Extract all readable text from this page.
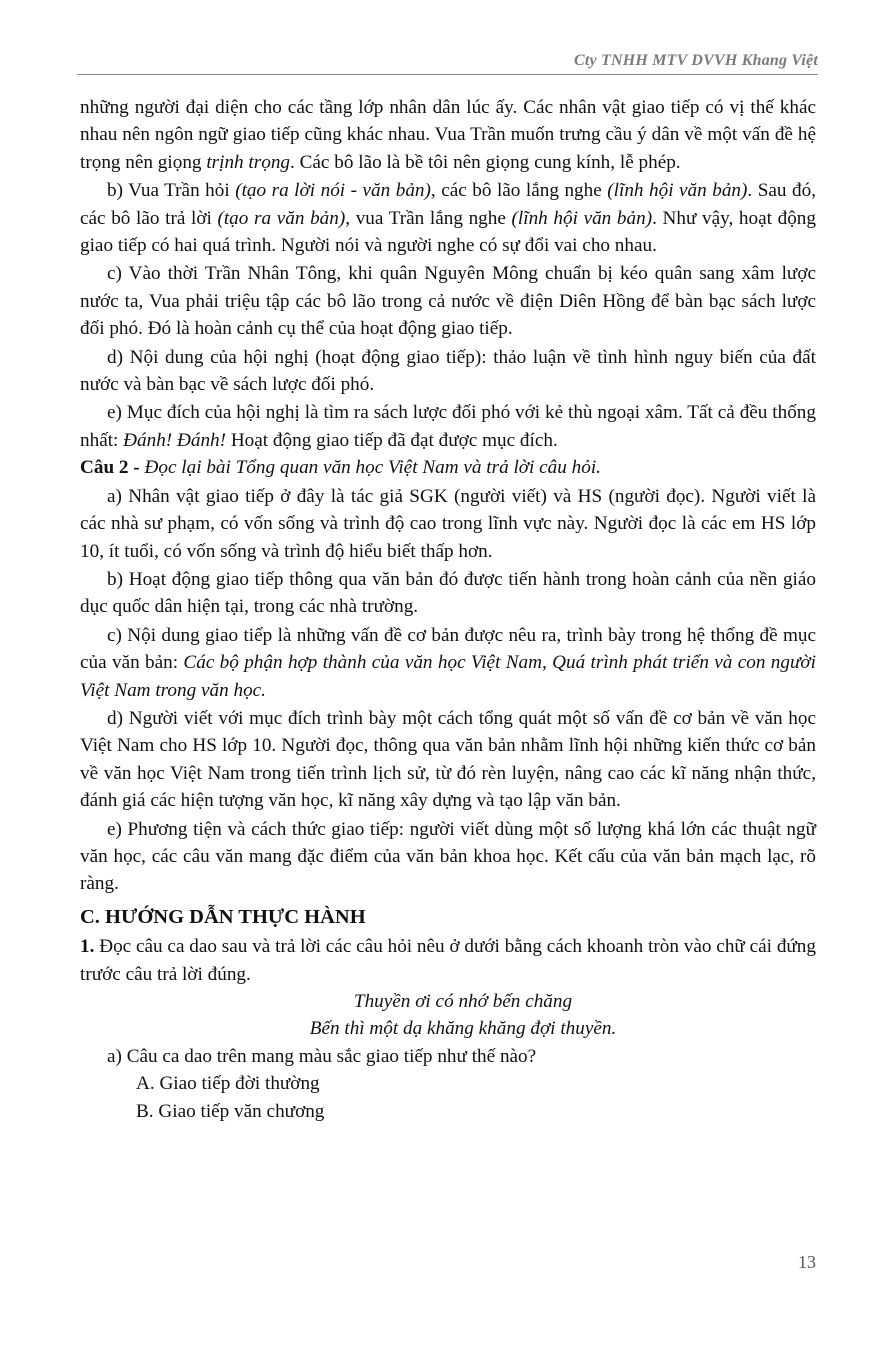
Cty TNHH MTV DVVH Khang Việt

những người đại diện cho các tầng lớp nhân dân lúc ấy. Các nhân vật giao tiếp có vị thế khác nhau nên ngôn ngữ giao tiếp cũng khác nhau. Vua Trần muốn trưng cầu ý dân về một vấn đề hệ trọng nên giọng trịnh trọng. Các bô lão là bề tôi nên giọng cung kính, lễ phép.

b) Vua Trần hỏi (tạo ra lời nói - văn bản), các bô lão lắng nghe (lĩnh hội văn bản). Sau đó, các bô lão trả lời (tạo ra văn bản), vua Trần lắng nghe (lĩnh hội văn bản). Như vậy, hoạt động giao tiếp có hai quá trình. Người nói và người nghe có sự đổi vai cho nhau.

c) Vào thời Trần Nhân Tông, khi quân Nguyên Mông chuẩn bị kéo quân sang xâm lược nước ta, Vua phải triệu tập các bô lão trong cả nước về điện Diên Hồng để bàn bạc sách lược đối phó. Đó là hoàn cảnh cụ thể của hoạt động giao tiếp.

d) Nội dung của hội nghị (hoạt động giao tiếp): thảo luận về tình hình nguy biến của đất nước và bàn bạc về sách lược đối phó.

e) Mục đích của hội nghị là tìm ra sách lược đối phó với kẻ thù ngoại xâm. Tất cả đều thống nhất: Đánh! Đánh! Hoạt động giao tiếp đã đạt được mục đích.

Câu 2 - Đọc lại bài Tổng quan văn học Việt Nam và trả lời câu hỏi.

a) Nhân vật giao tiếp ở đây là tác giả SGK (người viết) và HS (người đọc). Người viết là các nhà sư phạm, có vốn sống và trình độ cao trong lĩnh vực này. Người đọc là các em HS lớp 10, ít tuổi, có vốn sống và trình độ hiểu biết thấp hơn.

b) Hoạt động giao tiếp thông qua văn bản đó được tiến hành trong hoàn cảnh của nền giáo dục quốc dân hiện tại, trong các nhà trường.

c) Nội dung giao tiếp là những vấn đề cơ bản được nêu ra, trình bày trong hệ thống đề mục của văn bản: Các bộ phận hợp thành của văn học Việt Nam, Quá trình phát triển và con người Việt Nam trong văn học.

d) Người viết với mục đích trình bày một cách tổng quát một số vấn đề cơ bản về văn học Việt Nam cho HS lớp 10. Người đọc, thông qua văn bản nhằm lĩnh hội những kiến thức cơ bản về văn học Việt Nam trong tiến trình lịch sử, từ đó rèn luyện, nâng cao các kĩ năng nhận thức, đánh giá các hiện tượng văn học, kĩ năng xây dựng và tạo lập văn bản.

e) Phương tiện và cách thức giao tiếp: người viết dùng một số lượng khá lớn các thuật ngữ văn học, các câu văn mang đặc điểm của văn bản khoa học. Kết cấu của văn bản mạch lạc, rõ ràng.

C. HƯỚNG DẪN THỰC HÀNH

1. Đọc câu ca dao sau và trả lời các câu hỏi nêu ở dưới bằng cách khoanh tròn vào chữ cái đứng trước câu trả lời đúng.

Thuyền ơi có nhớ bến chăng

Bến thì một dạ khăng khăng đợi thuyền.

a) Câu ca dao trên mang màu sắc giao tiếp như thế nào?

A. Giao tiếp đời thường

B. Giao tiếp văn chương

13
